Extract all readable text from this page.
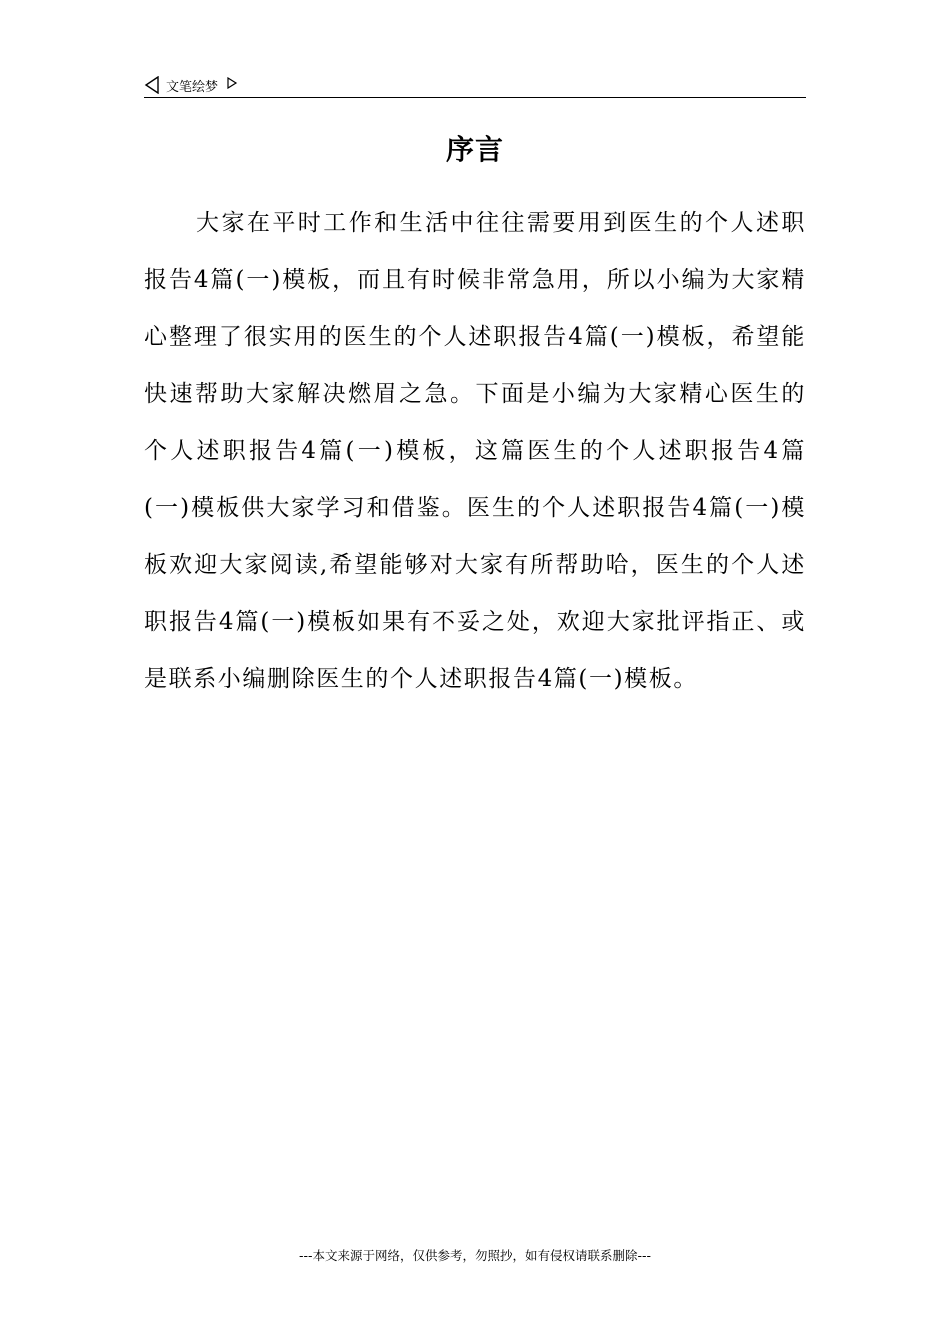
文笔绘梦
序言

大家在平时工作和生活中往往需要用到医生的个人述职报告4篇(一)模板，而且有时候非常急用，所以小编为大家精心整理了很实用的医生的个人述职报告4篇(一)模板，希望能快速帮助大家解决燃眉之急。下面是小编为大家精心医生的个人述职报告4篇(一)模板，这篇医生的个人述职报告4篇(一)模板供大家学习和借鉴。医生的个人述职报告4篇(一)模板欢迎大家阅读,希望能够对大家有所帮助哈，医生的个人述职报告4篇(一)模板如果有不妥之处，欢迎大家批评指正、或是联系小编删除医生的个人述职报告4篇(一)模板。

---本文来源于网络，仅供参考，勿照抄，如有侵权请联系删除---
